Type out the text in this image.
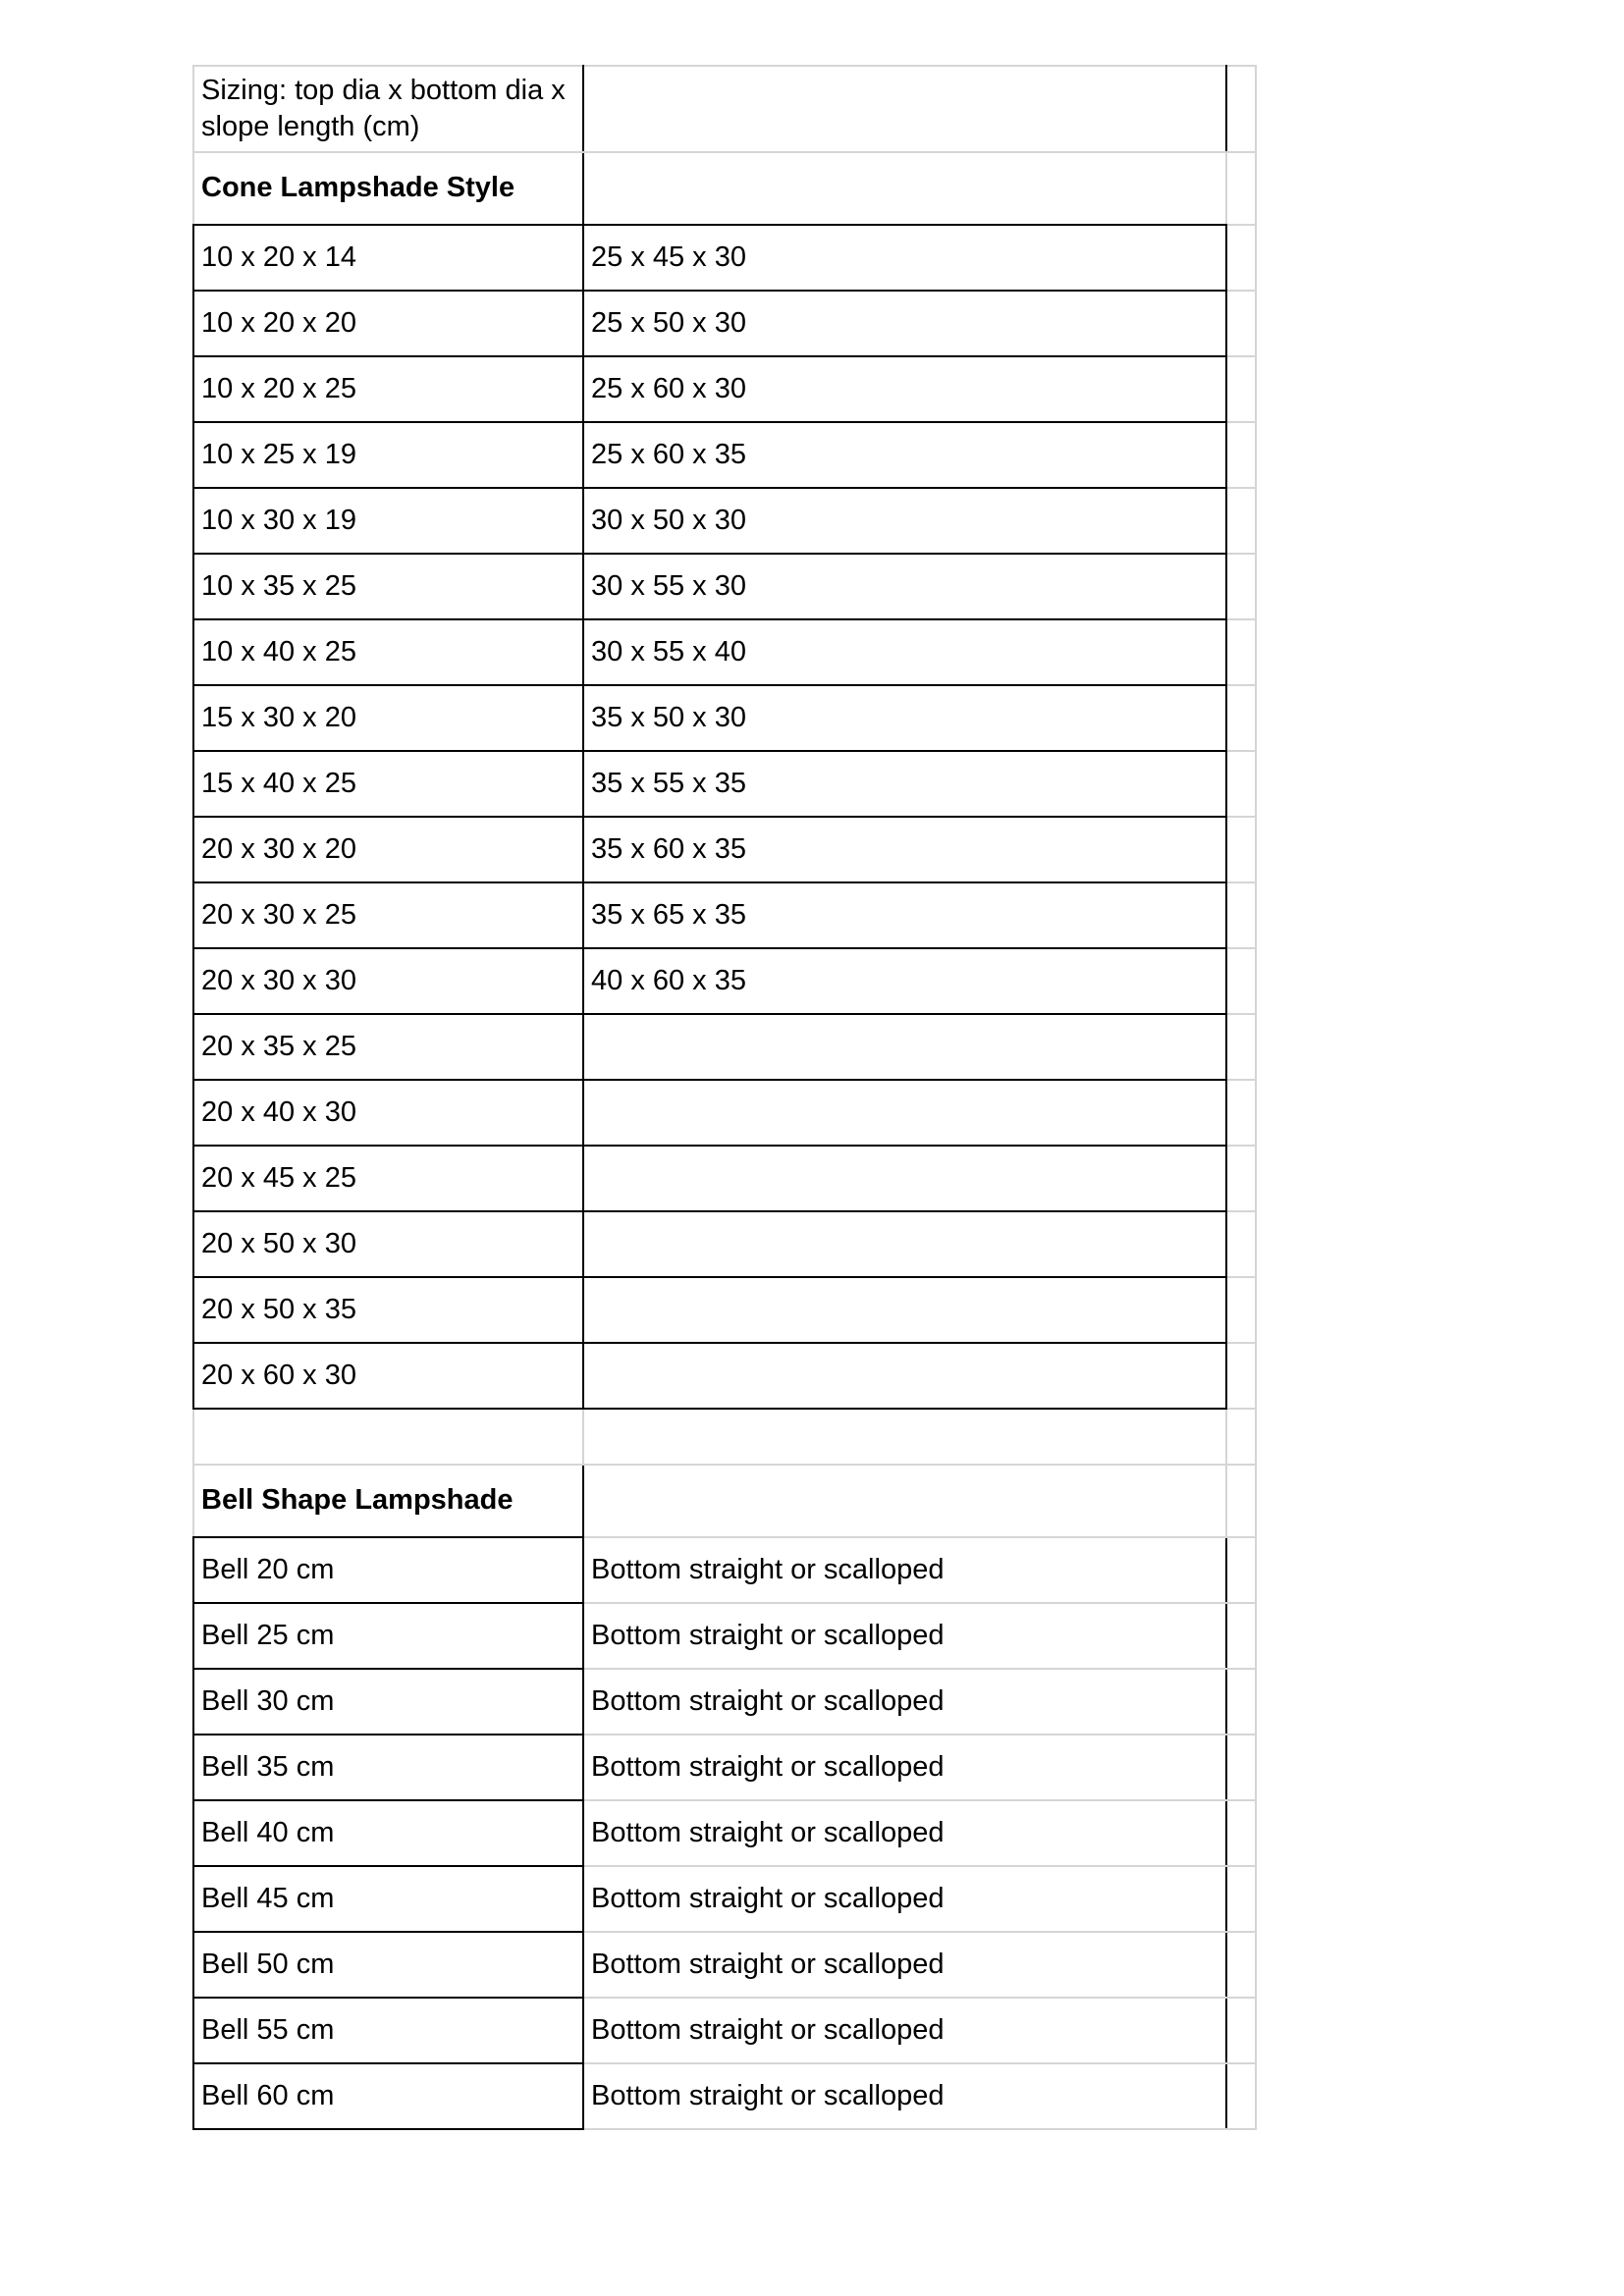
Sizing: top dia x bottom dia x slope length (cm)		
Cone Lampshade Style		
10 x 20 x 14	25 x 45 x 30	
10 x 20 x 20	25 x 50 x 30	
10 x 20 x 25	25 x 60 x 30	
10 x 25 x 19	25 x 60 x 35	
10 x 30 x 19	30 x 50 x 30	
10 x 35 x 25	30 x 55 x 30	
10 x 40 x 25	30 x 55 x 40	
15 x 30 x 20	35 x 50 x 30	
15 x 40 x 25	35 x 55 x 35	
20 x 30 x 20	35 x 60 x 35	
20 x 30 x 25	35 x 65 x 35	
20 x 30 x 30	40 x 60 x 35	
20 x 35 x 25		
20 x 40 x 30		
20 x 45 x 25		
20 x 50 x 30		
20 x 50 x 35		
20 x 60 x 30		

Bell Shape Lampshade		
Bell 20 cm	Bottom straight or scalloped	
Bell 25 cm	Bottom straight or scalloped	
Bell 30 cm	Bottom straight or scalloped	
Bell 35 cm	Bottom straight or scalloped	
Bell 40 cm	Bottom straight or scalloped	
Bell 45 cm	Bottom straight or scalloped	
Bell 50 cm	Bottom straight or scalloped	
Bell 55 cm	Bottom straight or scalloped	
Bell 60 cm	Bottom straight or scalloped	
